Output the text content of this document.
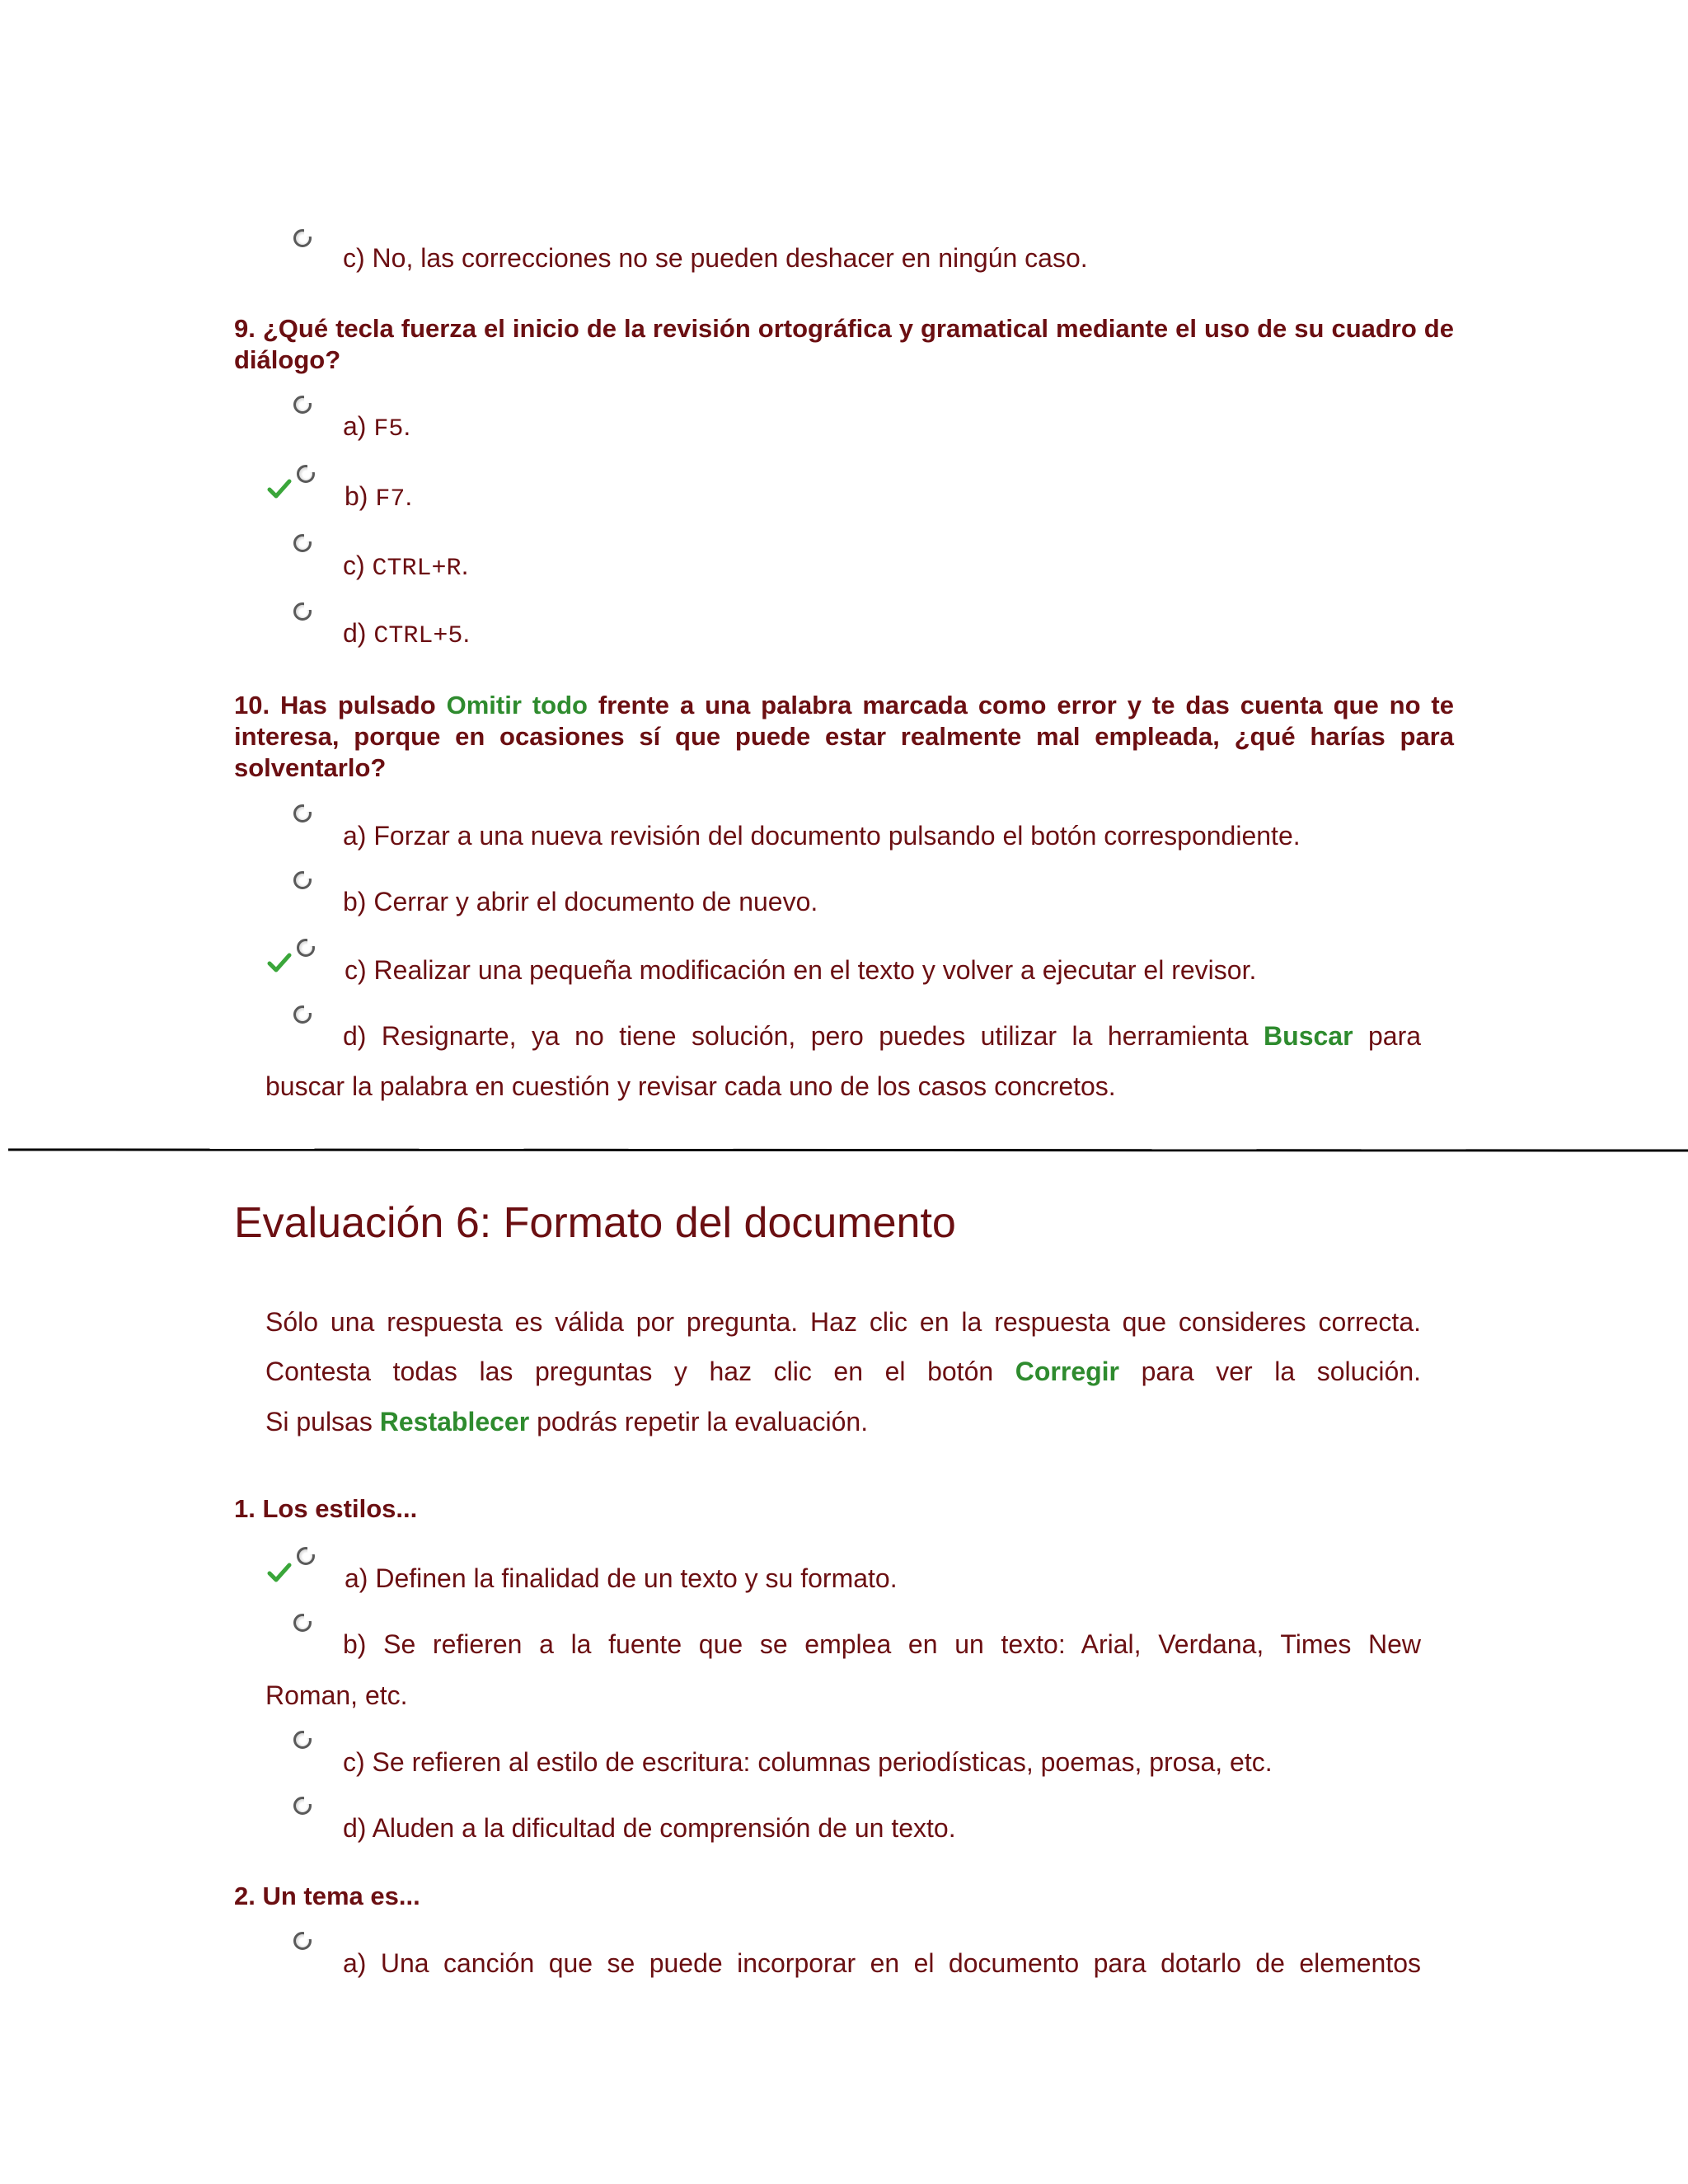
c) No, las correcciones no se pueden deshacer en ningún caso.
9. ¿Qué tecla fuerza el inicio de la revisión ortográfica y gramatical mediante el uso de su cuadro de diálogo?
a) F5.
b) F7.
c) CTRL+R.
d) CTRL+5.
10. Has pulsado Omitir todo frente a una palabra marcada como error y te das cuenta que no te interesa, porque en ocasiones sí que puede estar realmente mal empleada, ¿qué harías para solventarlo?
a) Forzar a una nueva revisión del documento pulsando el botón correspondiente.
b) Cerrar y abrir el documento de nuevo.
c) Realizar una pequeña modificación en el texto y volver a ejecutar el revisor.
d) Resignarte, ya no tiene solución, pero puedes utilizar la herramienta Buscar para
buscar la palabra en cuestión y revisar cada uno de los casos concretos.
Evaluación 6: Formato del documento
Sólo una respuesta es válida por pregunta. Haz clic en la respuesta que consideres correcta.
Contesta todas las preguntas y haz clic en el botón Corregir para ver la solución.
Si pulsas Restablecer podrás repetir la evaluación.
1. Los estilos...
a) Definen la finalidad de un texto y su formato.
b) Se refieren a la fuente que se emplea en un texto: Arial, Verdana, Times New
Roman, etc.
c) Se refieren al estilo de escritura: columnas periodísticas, poemas, prosa, etc.
d) Aluden a la dificultad de comprensión de un texto.
2. Un tema es...
a) Una canción que se puede incorporar en el documento para dotarlo de elementos
